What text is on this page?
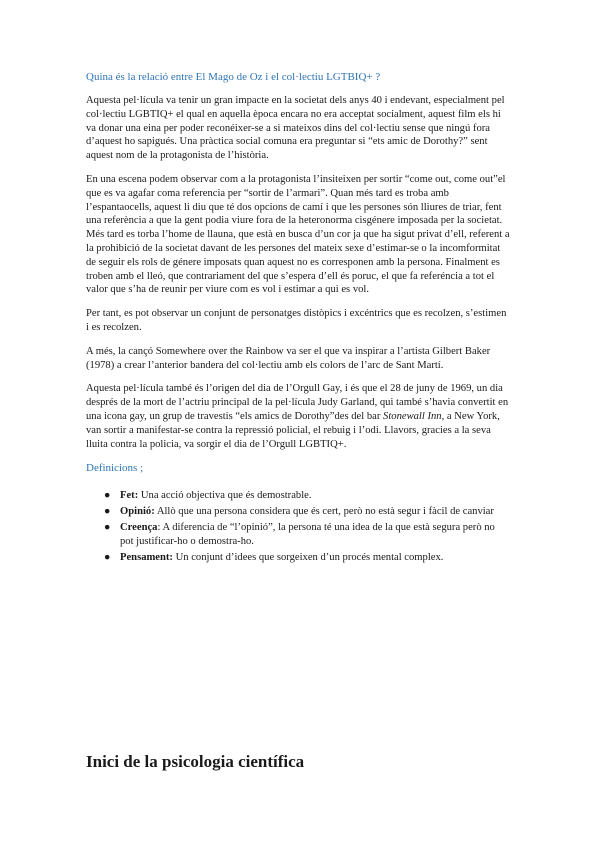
Quina és la relació entre El Mago de Oz i el col·lectiu LGTBIQ+ ?

Aquesta pel·lícula va tenir un gran impacte en la societat dels anys 40 i endevant, especialment pel col·lectiu LGBTIQ+ el qual en aquella època encara no era acceptat socialment, aquest film els hi va donar una eina per poder reconéixer-se a si mateixos dins del col·lectiu sense que ningú fora d’aquest ho sapigués. Una pràctica social comuna era preguntar si “ets amic de Dorothy?” sent aquest nom de la protagonista de l’història.

En una escena podem observar com a la protagonista l’insiteixen per sortir “come out, come out”el que es va agafar coma referencia per “sortir de l’armari”. Quan més tard es troba amb l’espantaocells, aquest li diu que té dos opcions de camí i que les persones són lliures de triar, fent una referència a que la gent podia viure fora de la heteronorma cisgénere imposada per la societat. Més tard es torba l’home de llauna, que està en busca d’un cor ja que ha sigut privat d’ell, referent a la prohibició de la societat davant de les persones del mateix sexe d’estimar-se o la incomformitat de seguir els rols de génere imposats quan aquest no es corresponen amb la persona. Finalment es troben amb el lleó, que contrariament del que s’espera d’ell és poruc, el que fa referéncia a tot el valor que s’ha de reunir per viure com es vol i estimar a qui es vol.

Per tant, es pot observar un conjunt de personatges distòpics i excéntrics que es recolzen, s’estimen i es recolzen.

A més, la cançó Somewhere over the Rainbow va ser el que va inspirar a l’artista Gilbert Baker (1978) a crear l’anterior bandera del col·lectiu amb els colors de l’arc de Sant Martí.

Aquesta pel·lícula també és l’origen del dia de l’Orgull Gay, i és que el 28 de juny de 1969, un dia després de la mort de l’actriu principal de la pel·lícula Judy Garland, qui també s’havia convertit en una icona gay, un grup de travestis “els amics de Dorothy”des del bar Stonewall Inn, a New York, van sortir a manifestar-se contra la repressió policial, el rebuig i l’odi. Llavors, gracies a la seva lluita contra la policia, va sorgir el dia de l’Orgull LGBTIQ+.

Definicions ;
● Fet: Una acció objectiva que és demostrable.
● Opinió: Allò que una persona considera que és cert, però no està segur i fàcil de canviar
● Creença: A diferencia de “l’opinió”, la persona té una idea de la que està segura però no pot justificar-ho o demostra-ho.
● Pensament: Un conjunt d’idees que sorgeixen d’un procés mental complex.
Inici de la psicologia científica
